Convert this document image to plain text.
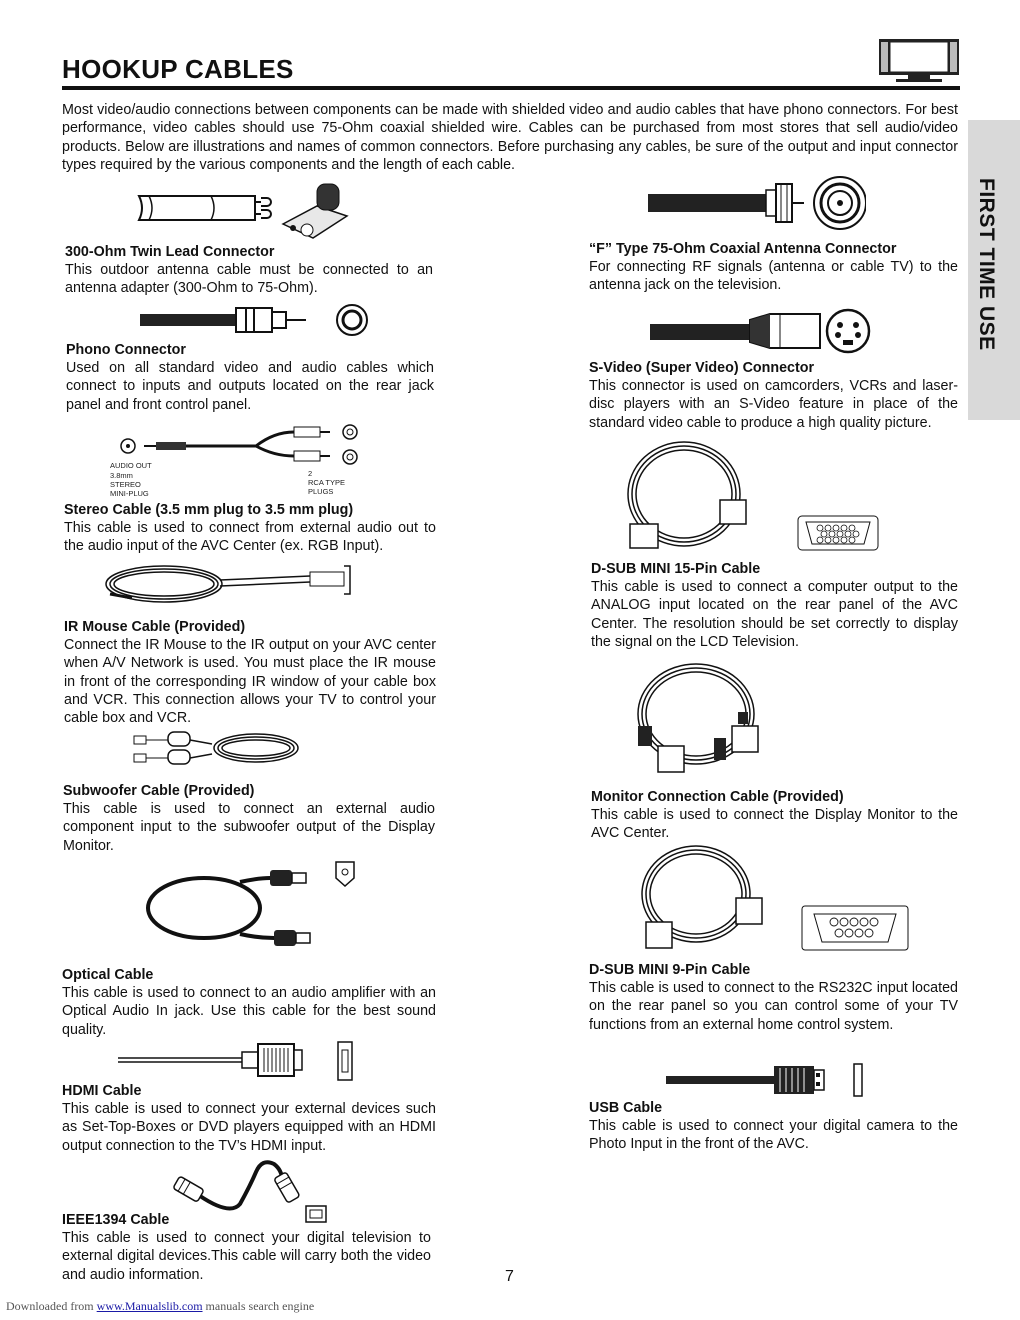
HOOKUP CABLES
FIRST TIME USE
Most video/audio connections between components can be made with shielded video and audio cables that have phono connectors. For best performance, video cables should use 75-Ohm coaxial shielded wire. Cables can be purchased from most stores that sell audio/video products. Below are illustrations and names of common connectors. Before purchasing any cables, be sure of the output and input connector types required by the various components and the length of each cable.
AUDIO OUT
3.8mm
STEREO
MINI-PLUG
2
RCA TYPE
PLUGS
300-Ohm Twin Lead Connector
This outdoor antenna cable must be connected to an antenna adapter (300-Ohm to 75-Ohm).
Phono Connector
Used on all standard video and audio cables which connect to inputs and outputs located on the rear jack panel and front control panel.
Stereo Cable (3.5 mm plug to 3.5 mm plug)
This cable is used to connect from external audio out to the audio input of the AVC Center (ex. RGB Input).
IR Mouse Cable (Provided)
Connect the IR Mouse to the IR output on your AVC center when A/V Network is used. You must place the IR mouse in front of the corresponding IR window of your cable box and VCR. This connection allows your TV to control your cable box and VCR.
Subwoofer Cable (Provided)
This cable is used to connect an external audio component input to the subwoofer output of the Display Monitor.
Optical Cable
This cable is used to connect to an audio amplifier with an Optical Audio In jack. Use this cable for the best sound quality.
HDMI Cable
This cable is used to connect your external devices such as Set-Top-Boxes or DVD players equipped with an HDMI output connection to the TV’s HDMI input.
IEEE1394 Cable
This cable is used to connect your digital television to external digital devices.This cable will carry both the video and audio information.
“F” Type 75-Ohm Coaxial Antenna Connector
For connecting RF signals (antenna or cable TV) to the antenna jack on the television.
S-Video (Super Video) Connector
This connector is used on camcorders, VCRs and laser-disc players with an S-Video feature in place of the standard video cable to produce a high quality picture.
D-SUB MINI 15-Pin Cable
This cable is used to connect a computer output to the ANALOG input located on the rear panel of the AVC Center. The resolution should be set correctly to display the signal on the LCD Television.
Monitor Connection Cable (Provided)
This cable is used to connect the Display Monitor to the AVC Center.
D-SUB MINI 9-Pin Cable
This cable is used to connect to the RS232C input located on the rear panel so you can control some of your TV functions from an external home control system.
USB Cable
This cable is used to connect your digital camera to the Photo Input in the front of the AVC.
7
Downloaded from www.Manualslib.com manuals search engine
